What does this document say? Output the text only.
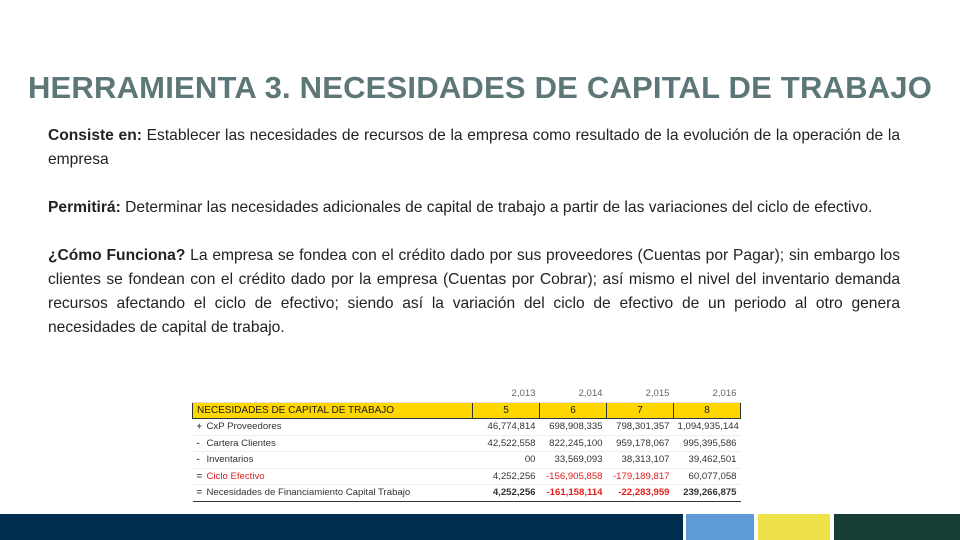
HERRAMIENTA 3. NECESIDADES DE CAPITAL DE TRABAJO

Consiste en: Establecer las necesidades de recursos de la empresa como resultado de la evolución de la operación de la empresa

Permitirá: Determinar las necesidades adicionales de capital de trabajo a partir de las variaciones del ciclo de efectivo.

¿Cómo Funciona? La empresa se fondea con el crédito dado por sus proveedores (Cuentas por Pagar); sin embargo los clientes se fondean con el crédito dado por la empresa (Cuentas por Cobrar); así mismo el nivel del inventario demanda recursos afectando el ciclo de efectivo; siendo así la variación del ciclo de efectivo de un periodo al otro genera necesidades de capital de trabajo.

	2,013	2,014	2,015	2,016
NECESIDADES DE CAPITAL DE TRABAJO	5	6	7	8
+ CxP Proveedores	46,774,814	698,908,335	798,301,357	1,094,935,144
- Cartera Clientes	42,522,558	822,245,100	959,178,067	995,395,586
- Inventarios	00	33,569,093	38,313,107	39,462,501
= Ciclo Efectivo	4,252,256	-156,905,858	-179,189,817	60,077,058
= Necesidades de Financiamiento Capital Trabajo	4,252,256	-161,158,114	-22,283,959	239,266,875
